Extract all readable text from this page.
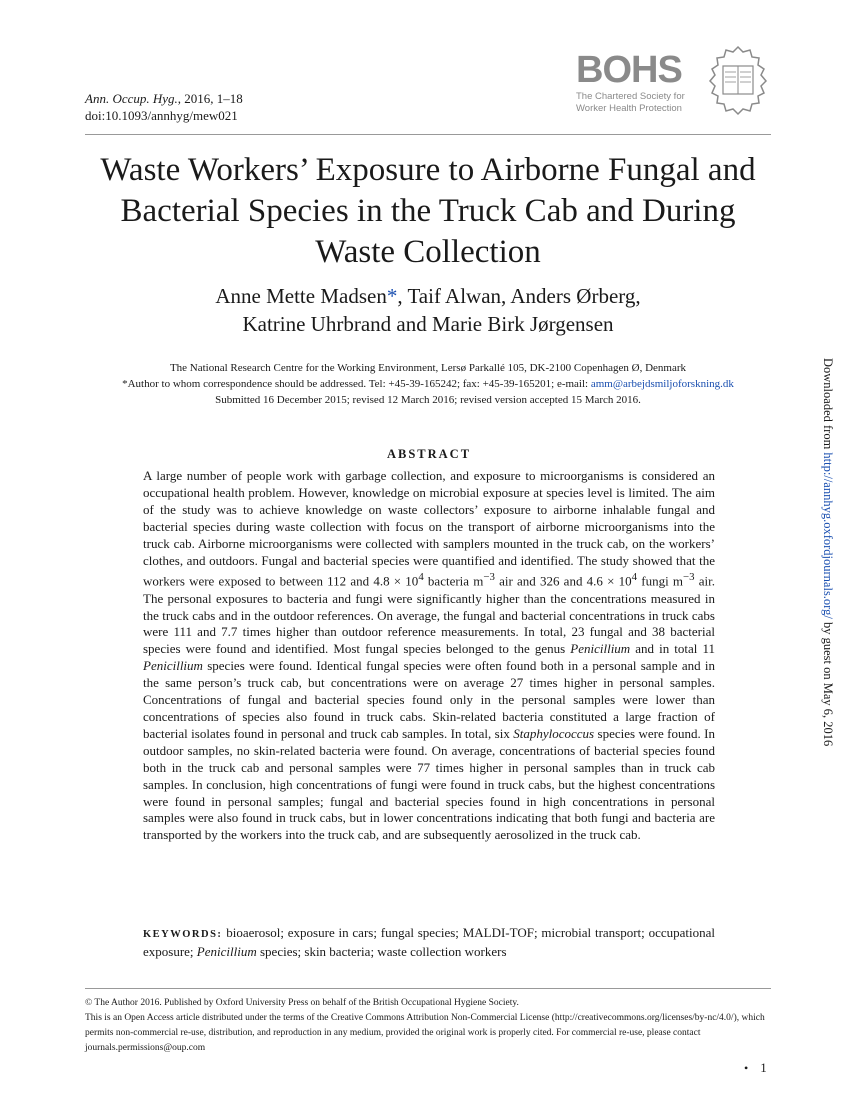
Ann. Occup. Hyg., 2016, 1–18
doi:10.1093/annhyg/mew021
BOHS
The Chartered Society for
Worker Health Protection
Waste Workers’ Exposure to Airborne Fungal and Bacterial Species in the Truck Cab and During Waste Collection
Anne Mette Madsen*, Taif Alwan, Anders Ørberg,
Katrine Uhrbrand and Marie Birk Jørgensen
The National Research Centre for the Working Environment, Lersø Parkallé 105, DK-2100 Copenhagen Ø, Denmark
*Author to whom correspondence should be addressed. Tel: +45-39-165242; fax: +45-39-165201; e-mail: amm@arbejdsmiljoforskning.dk
Submitted 16 December 2015; revised 12 March 2016; revised version accepted 15 March 2016.
ABSTRACT

A large number of people work with garbage collection, and exposure to microorganisms is considered an occupational health problem. However, knowledge on microbial exposure at species level is limited. The aim of the study was to achieve knowledge on waste collectors’ exposure to airborne inhalable fungal and bacterial species during waste collection with focus on the transport of airborne microorganisms into the truck cab. Airborne microorganisms were collected with samplers mounted in the truck cab, on the workers’ clothes, and outdoors. Fungal and bacterial species were quantified and identified. The study showed that the workers were exposed to between 112 and $4.8 \times 10^4$ bacteria $m^{-3}$ air and 326 and $4.6 \times 10^4$ fungi $m^{-3}$ air. The personal exposures to bacteria and fungi were significantly higher than the concentrations measured in the truck cabs and in the outdoor references. On average, the fungal and bacterial concentrations in truck cabs were 111 and 7.7 times higher than outdoor reference measurements. In total, 23 fungal and 38 bacterial species were found and identified. Most fungal species belonged to the genus Penicillium and in total 11 Penicillium species were found. Identical fungal species were often found both in a personal sample and in the same person’s truck cab, but concentrations were on average 27 times higher in personal samples. Concentrations of fungal and bacterial species found only in the personal samples were lower than concentrations of species also found in truck cabs. Skin-related bacteria constituted a large fraction of bacterial isolates found in personal and truck cab samples. In total, six Staphylococcus species were found. In outdoor samples, no skin-related bacteria were found. On average, concentrations of bacterial species found both in the truck cab and personal samples were 77 times higher in personal samples than in truck cab samples. In conclusion, high concentrations of fungi were found in truck cabs, but the highest concentrations were found in personal samples; fungal and bacterial species found in high concentrations in personal samples were also found in truck cabs, but in lower concentrations indicating that both fungi and bacteria are transported by the workers into the truck cab, and are subsequently aerosolized in the truck cab.

KEYWORDS: bioaerosol; exposure in cars; fungal species; MALDI-TOF; microbial transport; occupational exposure; Penicillium species; skin bacteria; waste collection workers

© The Author 2016. Published by Oxford University Press on behalf of the British Occupational Hygiene Society.

This is an Open Access article distributed under the terms of the Creative Commons Attribution Non-Commercial License (http://creativecommons.org/licenses/by-nc/4.0/), which permits non-commercial re-use, distribution, and reproduction in any medium, provided the original work is properly cited. For commercial re-use, please contact journals.permissions@oup.com

• 1
Downloaded from http://annhyg.oxfordjournals.org/ by guest on May 6, 2016
